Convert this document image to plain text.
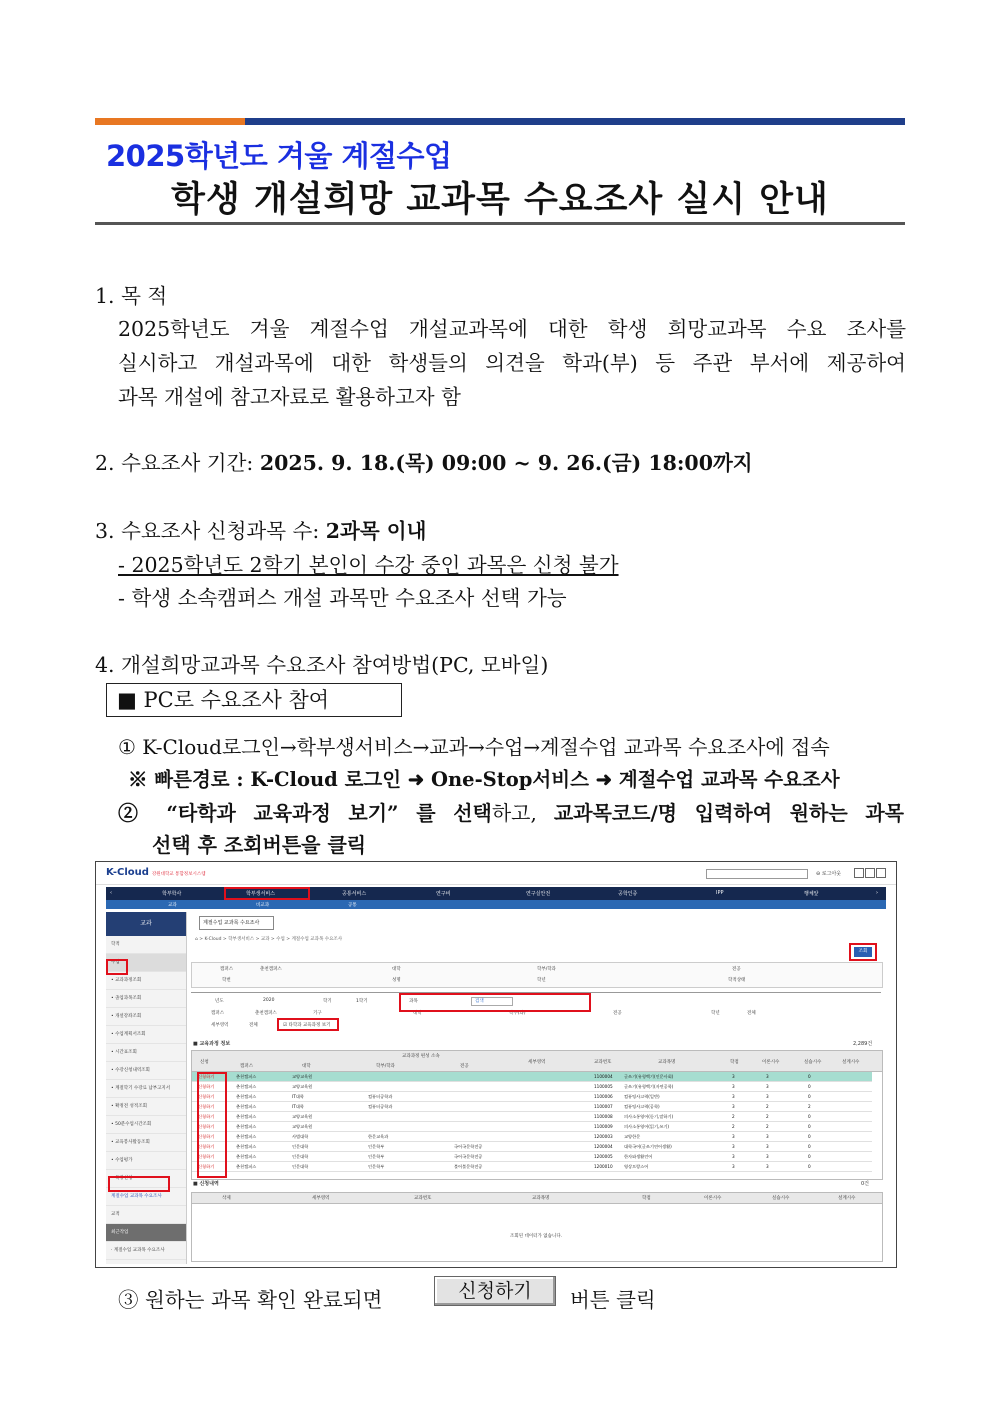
2025학년도 겨울 계절수업
학생 개설희망 교과목 수요조사 실시 안내
1. 목 적
2025학년도 겨울 계절수업 개설교과목에 대한 학생 희망교과목 수요 조사를
실시하고 개설과목에 대한 학생들의 의견을 학과(부) 등 주관 부서에 제공하여
과목 개설에 참고자료로 활용하고자 함
2. 수요조사 기간: 2025. 9. 18.(목) 09:00 ~ 9. 26.(금) 18:00까지
3. 수요조사 신청과목 수: 2과목 이내
- 2025학년도 2학기 본인이 수강 중인 과목은 신청 불가
- 학생 소속캠퍼스 개설 과목만 수요조사 선택 가능
4. 개설희망교과목 수요조사 참여방법(PC, 모바일)
■ PC로 수요조사 참여
① K-Cloud로그인→학부생서비스→교과→수업→계절수업 교과목 수요조사에 접속
※ 빠른경로 : K-Cloud 로그인 ➜ One-Stop서비스 ➜ 계절수업 교과목 수요조사
② “타학과 교육과정 보기” 를 선택하고, 교과목코드/명 입력하여 원하는 과목
선택 후 조회버튼을 클릭
K-Cloud 강원대학교 통합정보시스템	⊖ 로그아웃
‹	학부학사	학부생서비스	공통서비스	연구비	연구실안전	공학인증	IPP	행체앞	›
교과	비교과	공통
교과
학적
수업
• 교과과정조회
• 졸업과목조회
• 개설강좌조회
• 수업계획서조회
• 시간표조회
• 수강신청내역조회
• 계절학기 수강료 납부고지서
• 확정전 성적조회
• 50분수업시간조회
• 교육봉사활동조회
• 수업평가
• 특강신청
계절수업 교과목 수요조사
교적
최근작업
· 계절수업 교과목 수요조사
계절수업 교과목 수요조사
⌂ > K-Cloud > 학부생서비스 > 교과 > 수업 > 계절수업 교과목 수요조사
조회
캠퍼스	춘천캠퍼스	대학	학부/학과	전공
학번	성명	학년	학적상태
년도	2020	학기	1학기	과목	검색
캠퍼스	춘천캠퍼스	기구	대학	학부(과)	전공	학년	전체
세부영역	전체	☑ 타학과 교육과정 보기
■ 교육과정 정보	2,289건
교과과정 편성 소속
신청
캠퍼스	대학	학부/학과	전공
세부영역	교과번호	교과목명	학점	이론시수	실습시수	설계시수
신청하기	춘천캠퍼스	교양교육원	1100004	글쓰기(유형벡기(인문사회)	3	3	0
신청하기	춘천캠퍼스	교양교육원	1100005	글쓰기(유형벡기(자연공학)	3	3	0
신청하기	춘천캠퍼스	IT대학	컴퓨터공학과	1100006	컴퓨팅사고력(일반)	3	3	0
신청하기	춘천캠퍼스	IT대학	컴퓨터공학과	1100007	컴퓨팅사고력(공학)	3	2	2
신청하기	춘천캠퍼스	교양교육원	1100008	의사소통영어(듣기,말하기)	2	2	0
신청하기	춘천캠퍼스	교양교육원	1100009	의사소통영어(읽기,쓰기)	2	2	0
신청하기	춘천캠퍼스	사범대학	한문교육과	1200003	교양한문	3	3	0
신청하기	춘천캠퍼스	인문대학	인문학부	국어국문학전공	1200004	대학국어(글쓰기연어생활)	3	3	0
신청하기	춘천캠퍼스	인문대학	인문학부	국어국문학전공	1200005	한자와생활언어	3	3	0
신청하기	춘천캠퍼스	인문대학	인문학부	불어불문학전공	1200010	영상프랑스어	3	3	0
■ 신청내역	0건
삭제	세부영역	교과번호	교과목명	학점	이론시수	실습시수	설계시수
조회된 데이터가 없습니다.
③ 원하는 과목 확인 완료되면	신청하기	버튼 클릭
